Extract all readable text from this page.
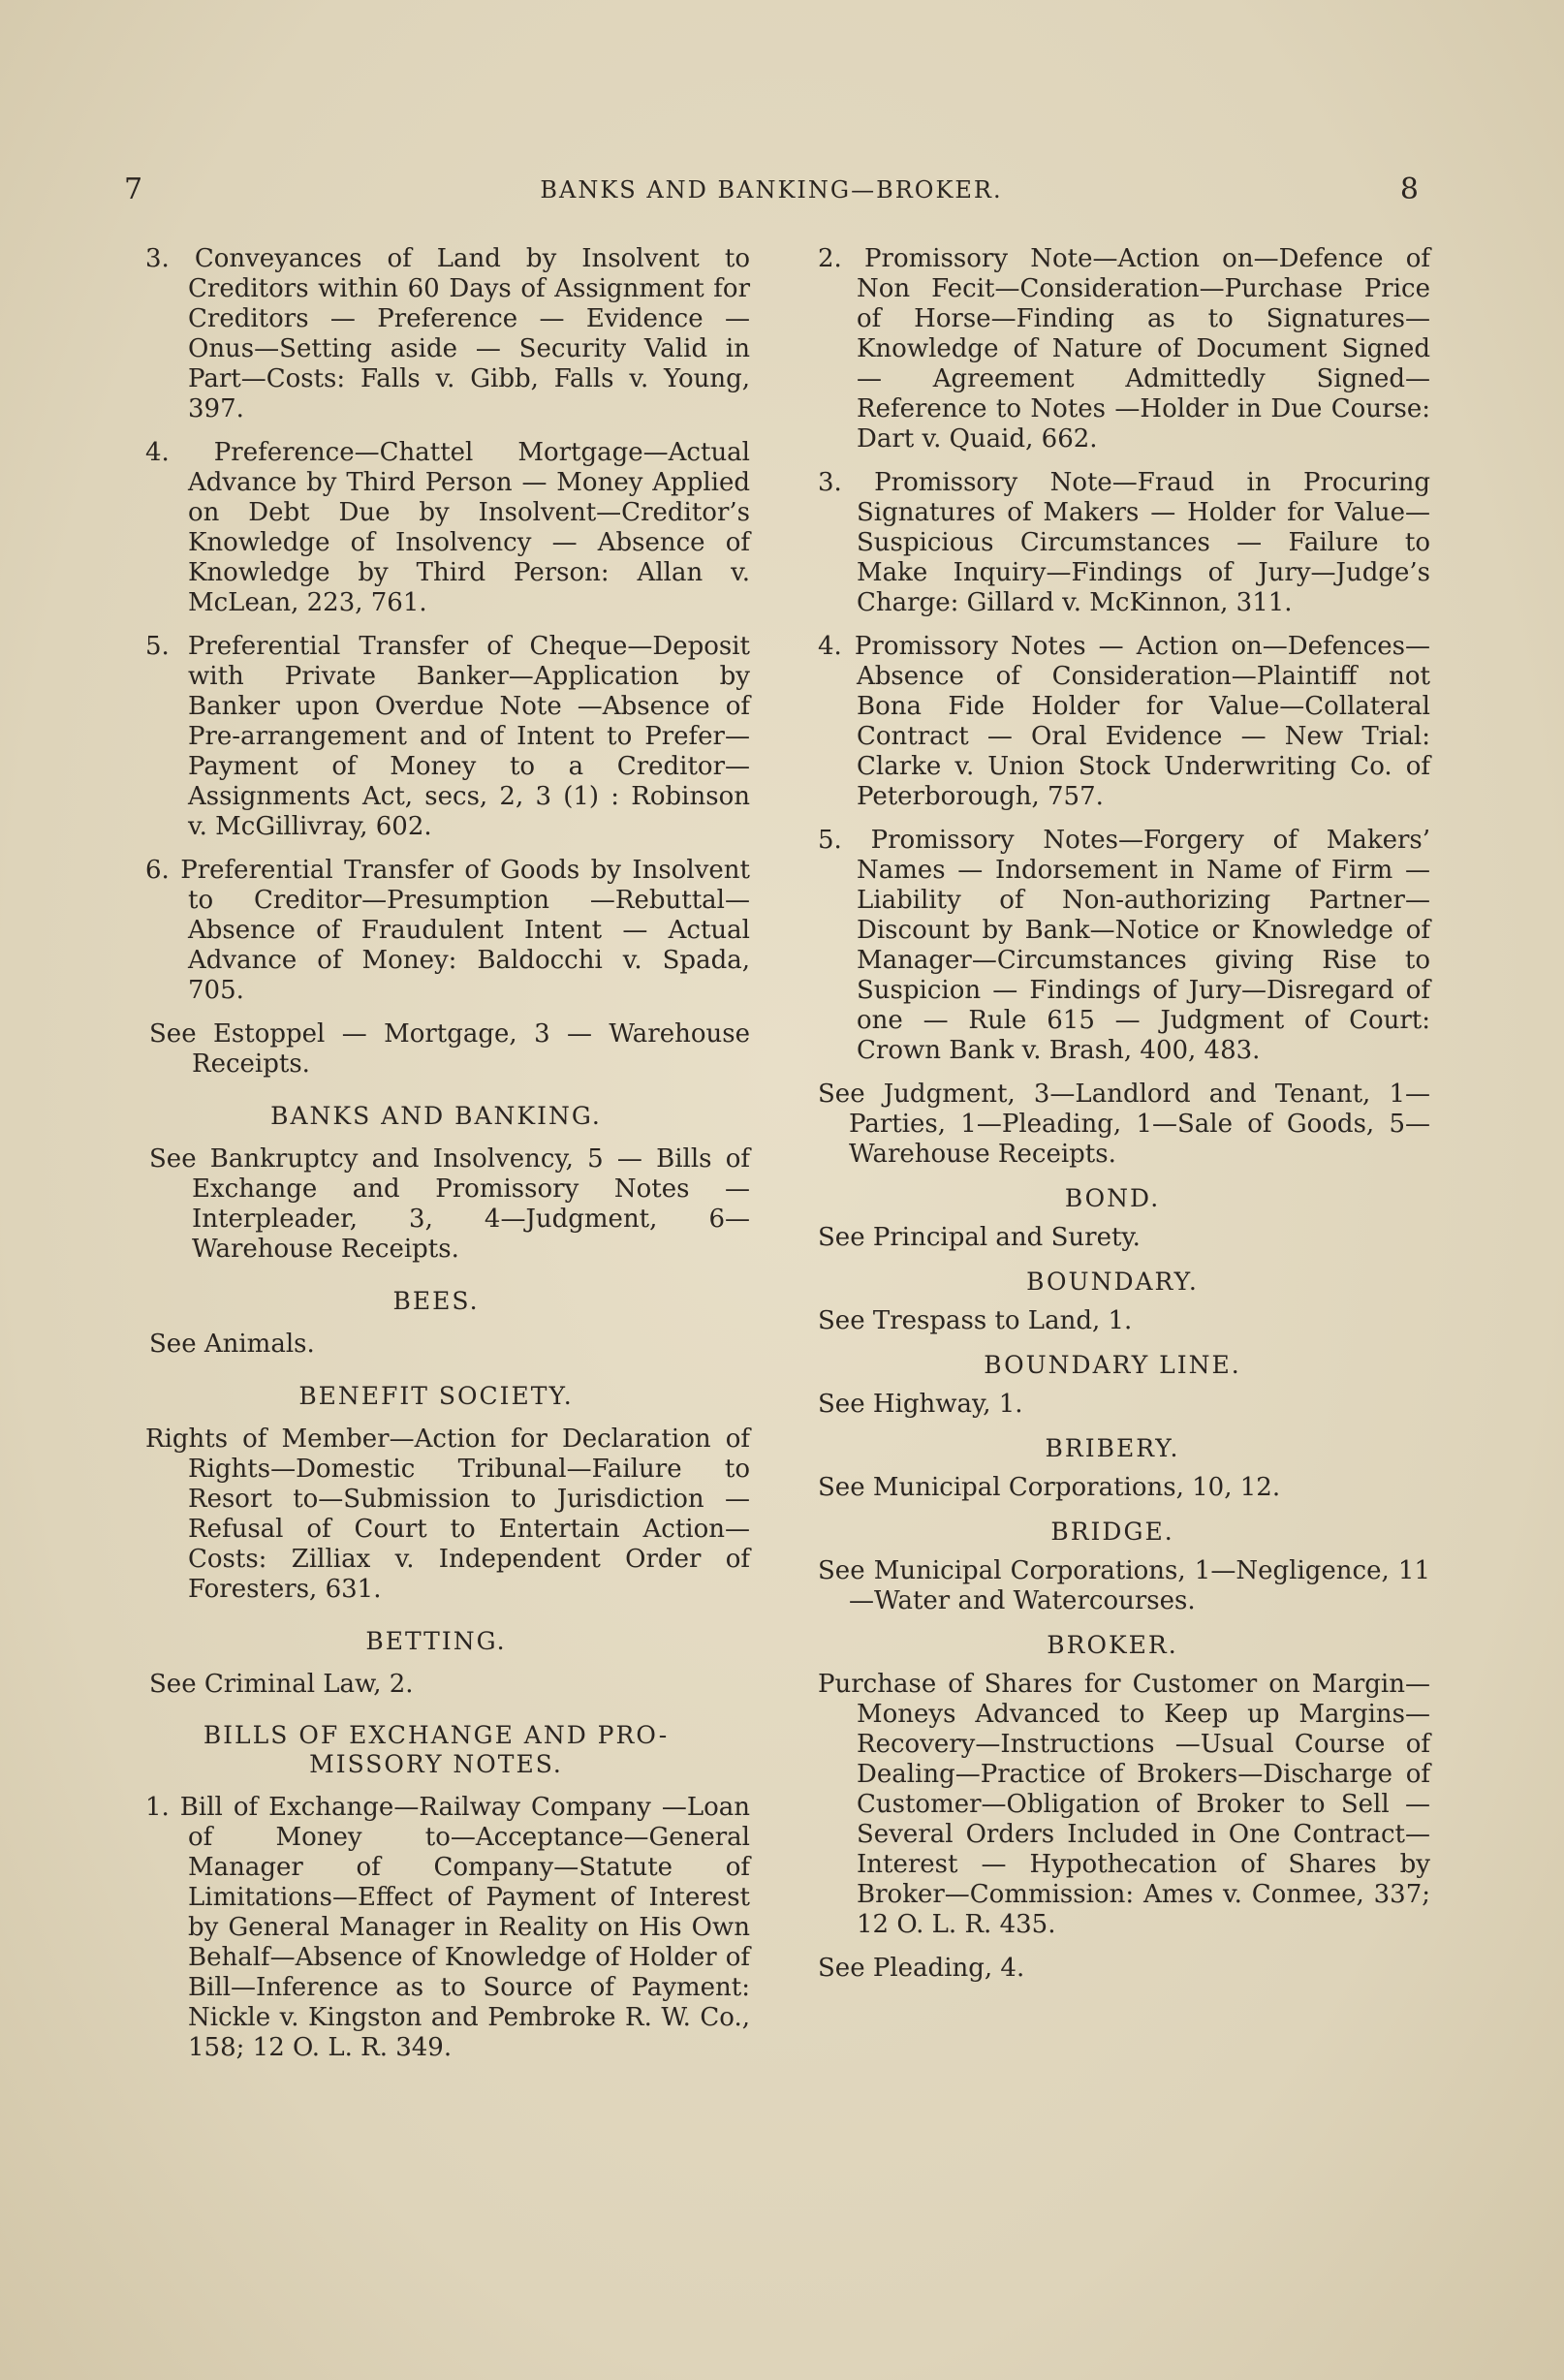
7	BANKS AND BANKING—BROKER.	8

3. Conveyances of Land by Insolvent to Creditors within 60 Days of Assignment for Creditors — Preference — Evidence — Onus—Setting aside — Security Valid in Part—Costs: Falls v. Gibb, Falls v. Young, 397.

4. Preference—Chattel Mortgage—Actual Advance by Third Person — Money Applied on Debt Due by Insolvent—Creditor’s Knowledge of Insolvency — Absence of Knowledge by Third Person: Allan v. McLean, 223, 761.

5. Preferential Transfer of Cheque—Deposit with Private Banker—Application by Banker upon Overdue Note —Absence of Pre-arrangement and of Intent to Prefer—Payment of Money to a Creditor—Assignments Act, secs, 2, 3 (1) : Robinson v. McGillivray, 602.

6. Preferential Transfer of Goods by Insolvent to Creditor—Presumption —Rebuttal—Absence of Fraudulent Intent — Actual Advance of Money: Baldocchi v. Spada, 705.

See Estoppel — Mortgage, 3 — Warehouse Receipts.

BANKS AND BANKING.

See Bankruptcy and Insolvency, 5 — Bills of Exchange and Promissory Notes — Interpleader, 3, 4—Judgment, 6—Warehouse Receipts.

BEES.

See Animals.

BENEFIT SOCIETY.

Rights of Member—Action for Declaration of Rights—Domestic Tribunal—Failure to Resort to—Submission to Jurisdiction — Refusal of Court to Entertain Action—Costs: Zilliax v. Independent Order of Foresters, 631.

BETTING.

See Criminal Law, 2.

BILLS OF EXCHANGE AND PRO-
MISSORY NOTES.

1. Bill of Exchange—Railway Company —Loan of Money to—Acceptance—General Manager of Company—Statute of Limitations—Effect of Payment of Interest by General Manager in Reality on His Own Behalf—Absence of Knowledge of Holder of Bill—Inference as to Source of Payment: Nickle v. Kingston and Pembroke R. W. Co., 158; 12 O. L. R. 349.

2. Promissory Note—Action on—Defence of Non Fecit—Consideration—Purchase Price of Horse—Finding as to Signatures—Knowledge of Nature of Document Signed — Agreement Admittedly Signed—Reference to Notes —Holder in Due Course: Dart v. Quaid, 662.

3. Promissory Note—Fraud in Procuring Signatures of Makers — Holder for Value—Suspicious Circumstances — Failure to Make Inquiry—Findings of Jury—Judge’s Charge: Gillard v. McKinnon, 311.

4. Promissory Notes — Action on—Defences—Absence of Consideration—Plaintiff not Bona Fide Holder for Value—Collateral Contract — Oral Evidence — New Trial: Clarke v. Union Stock Underwriting Co. of Peterborough, 757.

5. Promissory Notes—Forgery of Makers’ Names — Indorsement in Name of Firm — Liability of Non-authorizing Partner—Discount by Bank—Notice or Knowledge of Manager—Circumstances giving Rise to Suspicion — Findings of Jury—Disregard of one — Rule 615 — Judgment of Court: Crown Bank v. Brash, 400, 483.

See Judgment, 3—Landlord and Tenant, 1—Parties, 1—Pleading, 1—Sale of Goods, 5—Warehouse Receipts.

BOND.

See Principal and Surety.

BOUNDARY.

See Trespass to Land, 1.

BOUNDARY LINE.

See Highway, 1.

BRIBERY.

See Municipal Corporations, 10, 12.

BRIDGE.

See Municipal Corporations, 1—Negligence, 11—Water and Watercourses.

BROKER.

Purchase of Shares for Customer on Margin—Moneys Advanced to Keep up Margins—Recovery—Instructions —Usual Course of Dealing—Practice of Brokers—Discharge of Customer—Obligation of Broker to Sell —Several Orders Included in One Contract—Interest — Hypothecation of Shares by Broker—Commission: Ames v. Conmee, 337; 12 O. L. R. 435.

See Pleading, 4.
